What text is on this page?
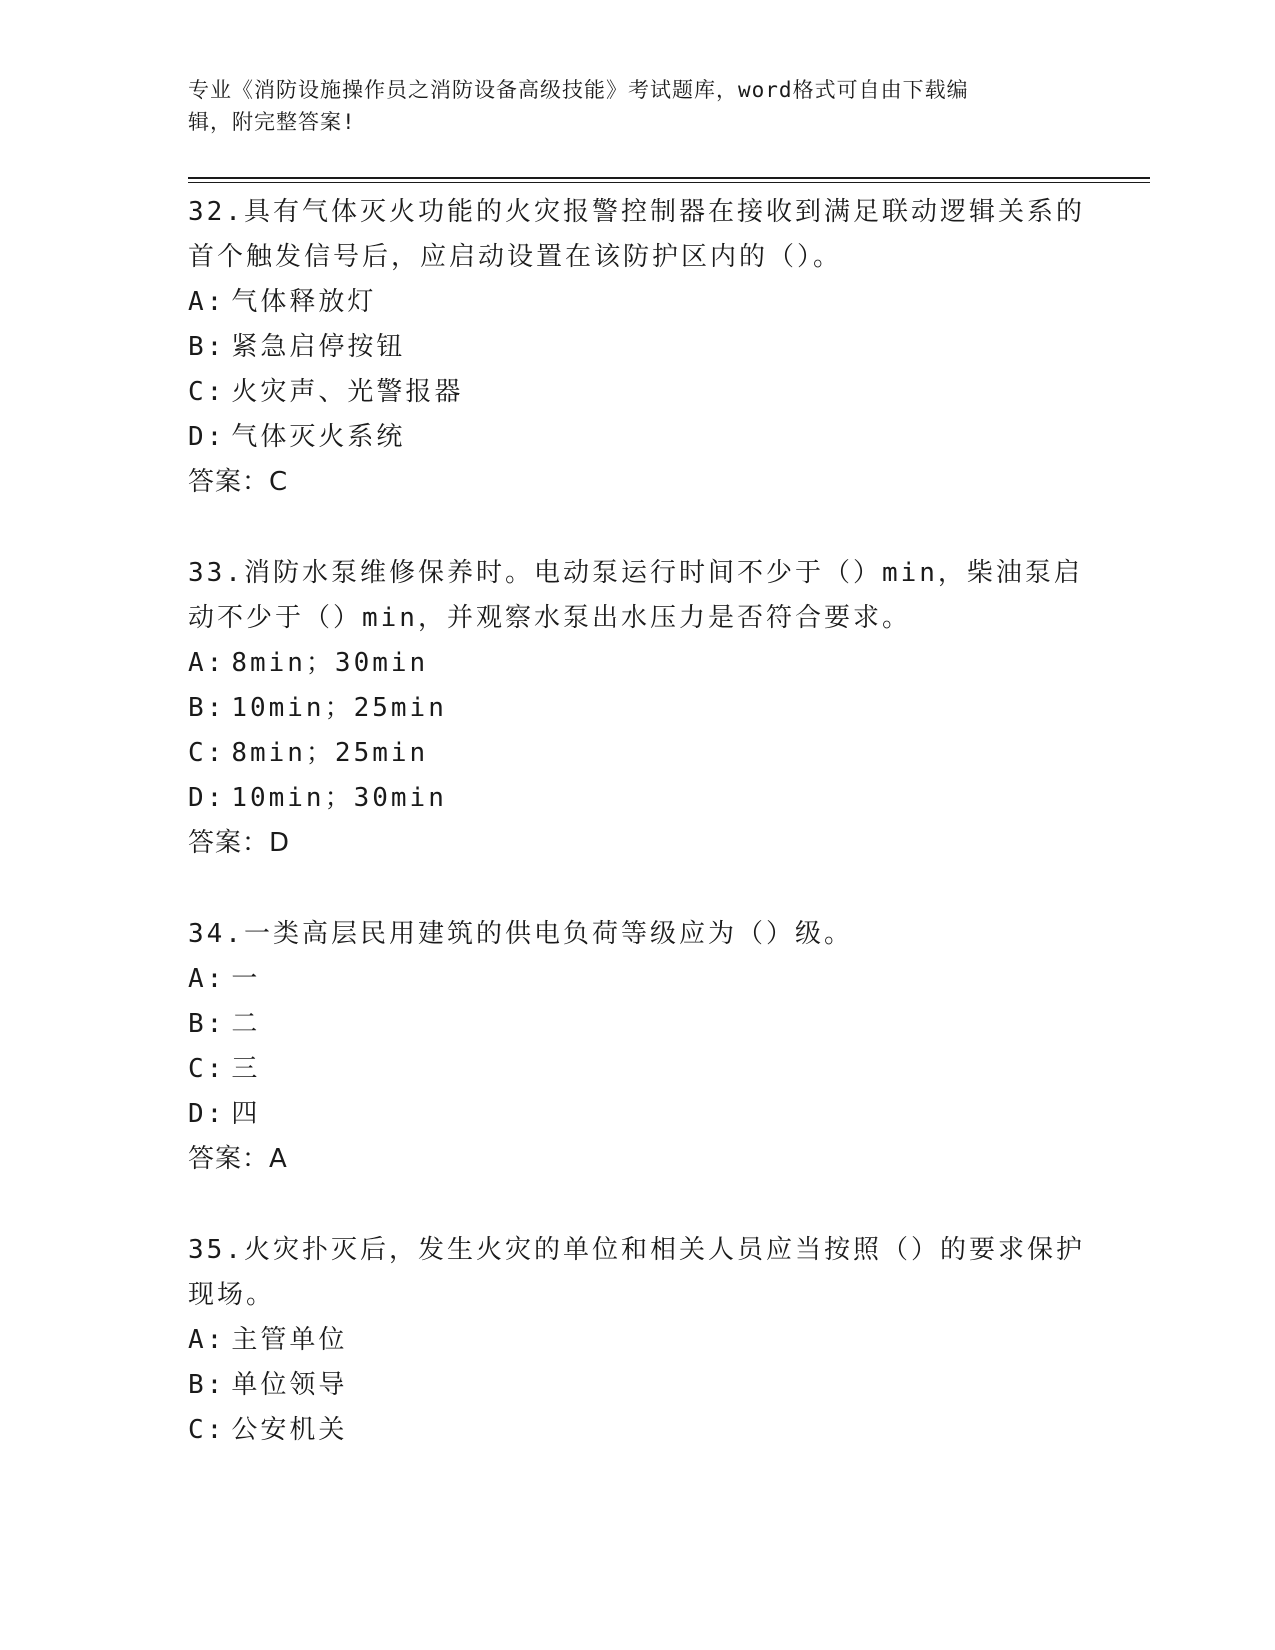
专业《消防设施操作员之消防设备高级技能》考试题库，word格式可自由下载编
辑，附完整答案!

32.具有气体灭火功能的火灾报警控制器在接收到满足联动逻辑关系的首个触发信号后，应启动设置在该防护区内的（）。

A: 气体释放灯
B: 紧急启停按钮
C: 火灾声、光警报器
D: 气体灭火系统

答案：C

33.消防水泵维修保养时。电动泵运行时间不少于（）min，柴油泵启动不少于（）min，并观察水泵出水压力是否符合要求。

A: 8min；30min
B: 10min；25min
C: 8min；25min
D: 10min；30min

答案：D

34.一类高层民用建筑的供电负荷等级应为（）级。

A: 一
B: 二
C: 三
D: 四

答案：A

35.火灾扑灭后，发生火灾的单位和相关人员应当按照（）的要求保护现场。

A: 主管单位
B: 单位领导
C: 公安机关
